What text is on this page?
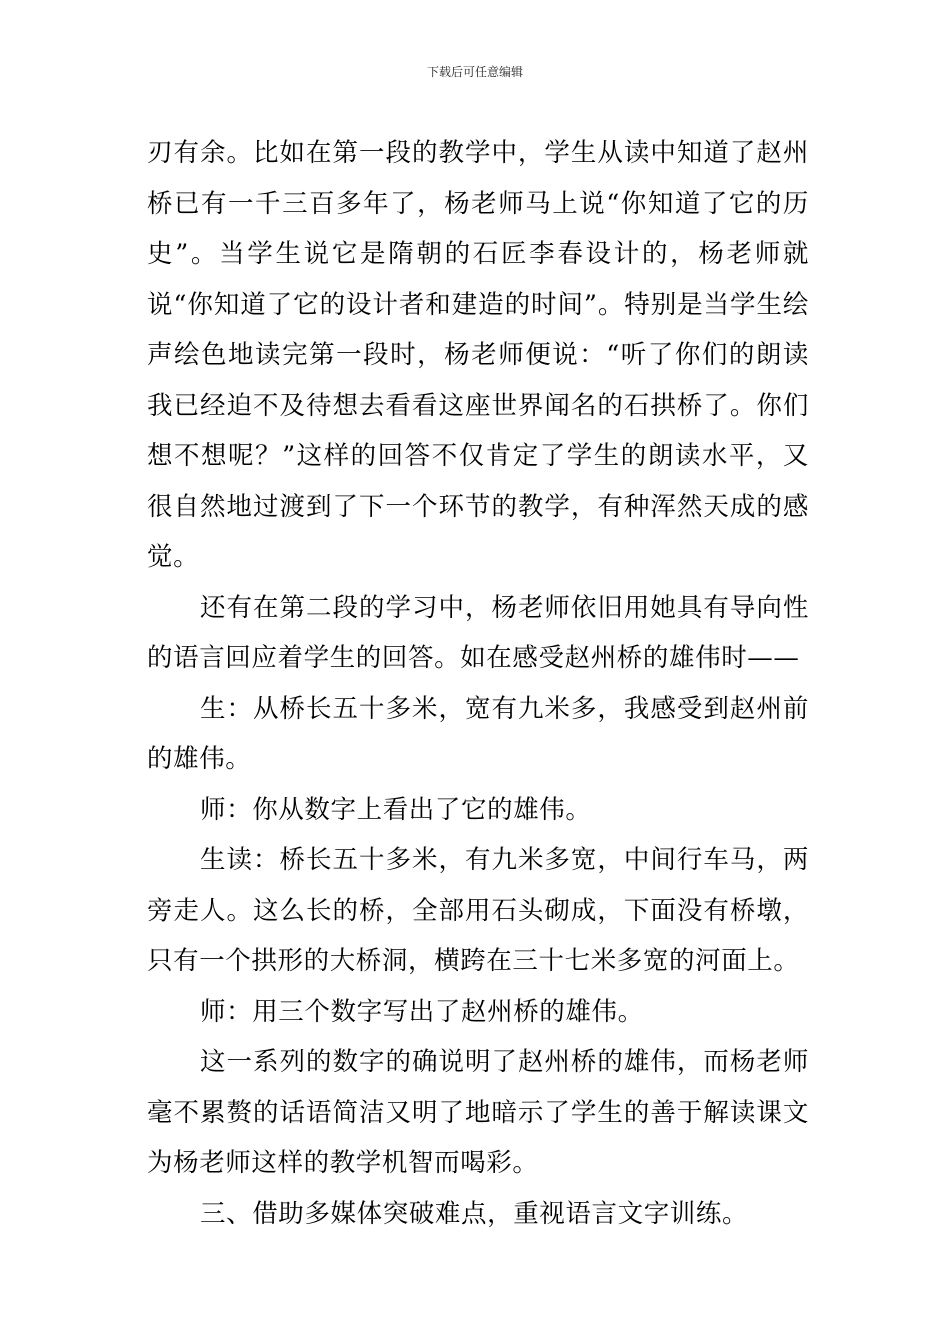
下载后可任意编辑

刃有余。比如在第一段的教学中，学生从读中知道了赵州桥已有一千三百多年了，杨老师马上说“你知道了它的历史”。当学生说它是隋朝的石匠李春设计的，杨老师就说“你知道了它的设计者和建造的时间”。特别是当学生绘声绘色地读完第一段时，杨老师便说：“听了你们的朗读我已经迫不及待想去看看这座世界闻名的石拱桥了。你们想不想呢？”这样的回答不仅肯定了学生的朗读水平，又很自然地过渡到了下一个环节的教学，有种浑然天成的感觉。

还有在第二段的学习中，杨老师依旧用她具有导向性的语言回应着学生的回答。如在感受赵州桥的雄伟时——

生：从桥长五十多米，宽有九米多，我感受到赵州前的雄伟。

师：你从数字上看出了它的雄伟。

生读：桥长五十多米，有九米多宽，中间行车马，两旁走人。这么长的桥，全部用石头砌成，下面没有桥墩，只有一个拱形的大桥洞，横跨在三十七米多宽的河面上。

师：用三个数字写出了赵州桥的雄伟。

这一系列的数字的确说明了赵州桥的雄伟，而杨老师毫不累赘的话语简洁又明了地暗示了学生的善于解读课文为杨老师这样的教学机智而喝彩。

三、借助多媒体突破难点，重视语言文字训练。
